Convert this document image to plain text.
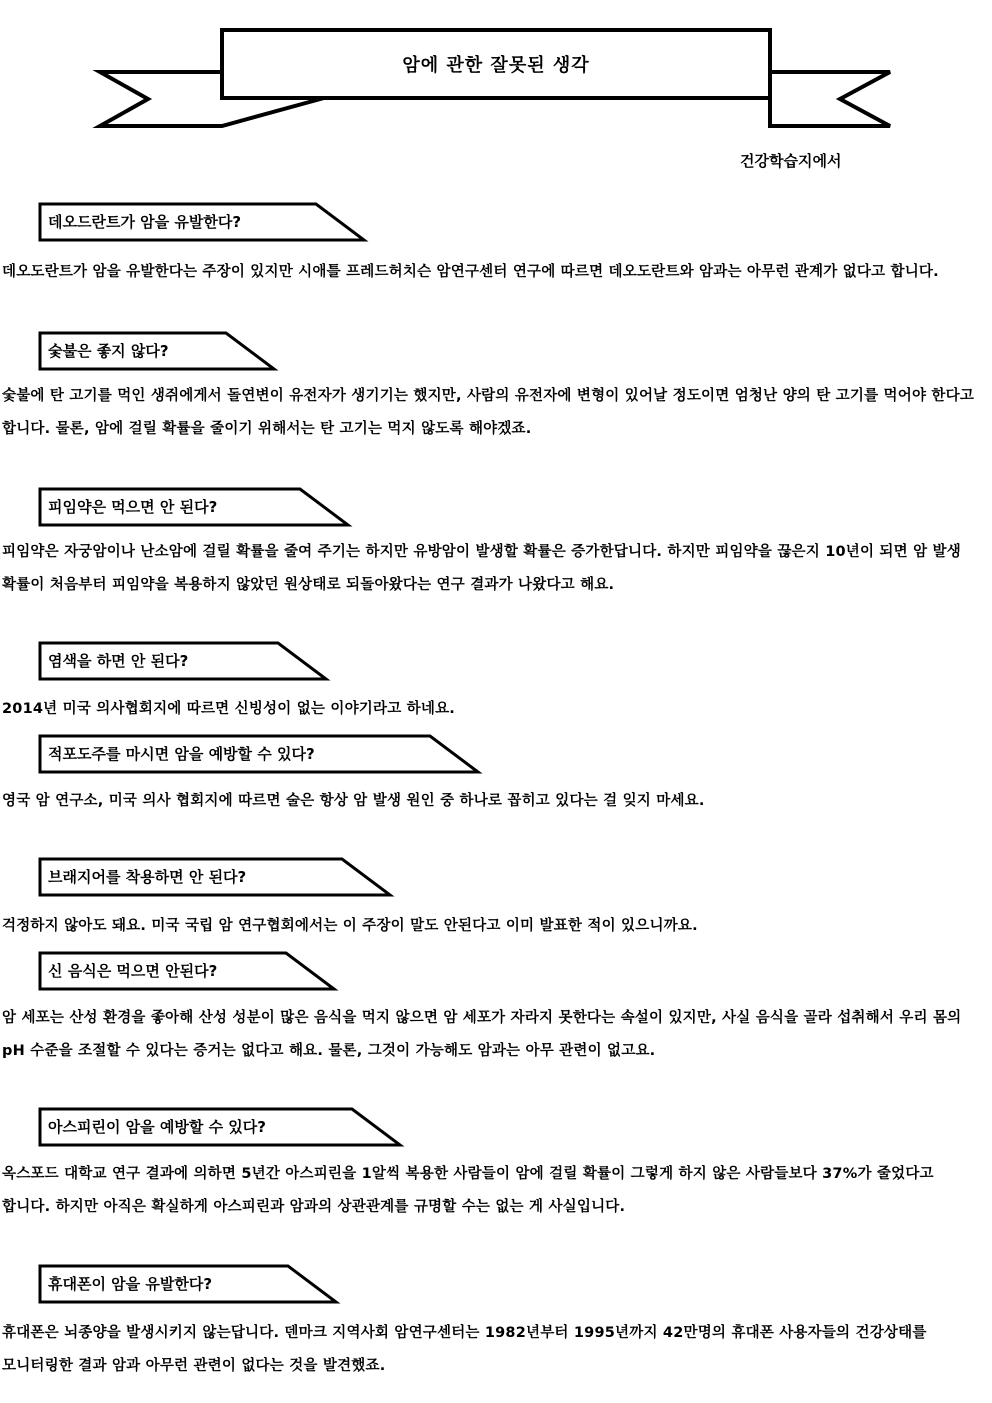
암에 관한 잘못된 생각
건강학습지에서
데오드란트가 암을 유발한다?
데오도란트가 암을 유발한다는 주장이 있지만 시애틀 프레드허치슨 암연구센터 연구에 따르면 데오도란트와 암과는 아무런 관계가 없다고 합니다.
숯불은 좋지 않다?
숯불에 탄 고기를 먹인 생쥐에게서 돌연변이 유전자가 생기기는 했지만, 사람의 유전자에 변형이 있어날 정도이면 엄청난 양의 탄 고기를 먹어야 한다고 합니다. 물론, 암에 걸릴 확률을 줄이기 위해서는 탄 고기는 먹지 않도록 해야겠죠.
피임약은 먹으면 안 된다?
피임약은 자궁암이나 난소암에 걸릴 확률을 줄여 주기는 하지만 유방암이 발생할 확률은 증가한답니다. 하지만 피임약을 끊은지 10년이 되면 암 발생 확률이 처음부터 피임약을 복용하지 않았던 원상태로 되돌아왔다는 연구 결과가 나왔다고 해요.
염색을 하면 안 된다?
2014년 미국 의사협회지에 따르면 신빙성이 없는 이야기라고 하네요.
적포도주를 마시면 암을 예방할 수 있다?
영국 암 연구소, 미국 의사 협회지에 따르면 술은 항상 암 발생 원인 중 하나로 꼽히고 있다는 걸 잊지 마세요.
브래지어를 착용하면 안 된다?
걱정하지 않아도 돼요. 미국 국립 암 연구협회에서는 이 주장이 말도 안된다고 이미 발표한 적이 있으니까요.
신 음식은 먹으면 안된다?
암 세포는 산성 환경을 좋아해 산성 성분이 많은 음식을 먹지 않으면 암 세포가 자라지 못한다는 속설이 있지만, 사실 음식을 골라 섭취해서 우리 몸의 pH 수준을 조절할 수 있다는 증거는 없다고 해요. 물론, 그것이 가능해도 암과는 아무 관련이 없고요.
아스피린이 암을 예방할 수 있다?
옥스포드 대학교 연구 결과에 의하면 5년간 아스피린을 1알씩 복용한 사람들이 암에 걸릴 확률이 그렇게 하지 않은 사람들보다 37%가 줄었다고 합니다. 하지만 아직은 확실하게 아스피린과 암과의 상관관계를 규명할 수는 없는 게 사실입니다.
휴대폰이 암을 유발한다?
휴대폰은 뇌종양을 발생시키지 않는답니다. 덴마크 지역사회 암연구센터는 1982년부터 1995년까지 42만명의 휴대폰 사용자들의 건강상태를 모니터링한 결과 암과 아무런 관련이 없다는 것을 발견했죠.
